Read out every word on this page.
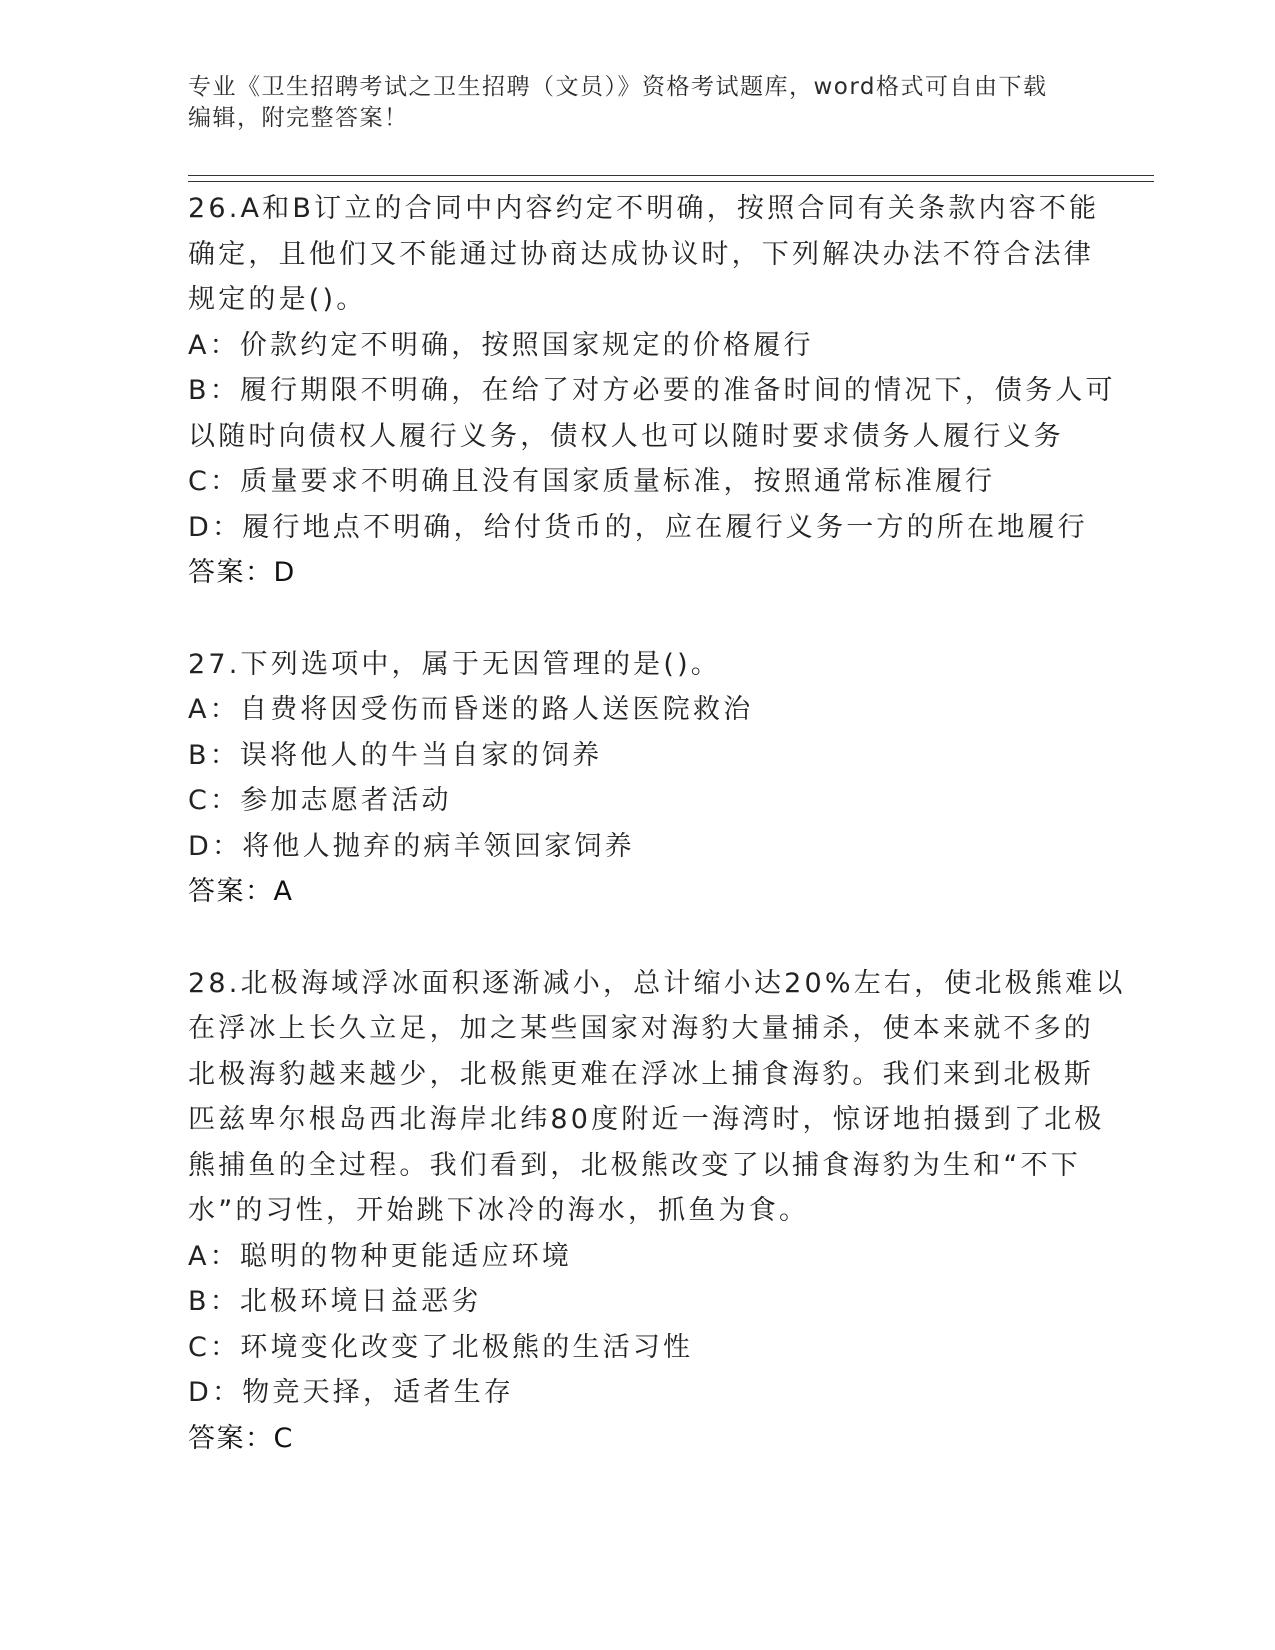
专业《卫生招聘考试之卫生招聘（文员）》资格考试题库，word格式可自由下载
编辑，附完整答案！
26.A和B订立的合同中内容约定不明确，按照合同有关条款内容不能
确定，且他们又不能通过协商达成协议时，下列解决办法不符合法律
规定的是()。
A：价款约定不明确，按照国家规定的价格履行
B：履行期限不明确，在给了对方必要的准备时间的情况下，债务人可
以随时向债权人履行义务，债权人也可以随时要求债务人履行义务
C：质量要求不明确且没有国家质量标准，按照通常标准履行
D：履行地点不明确，给付货币的，应在履行义务一方的所在地履行
答案：D
27.下列选项中，属于无因管理的是()。
A：自费将因受伤而昏迷的路人送医院救治
B：误将他人的牛当自家的饲养
C：参加志愿者活动
D：将他人抛弃的病羊领回家饲养
答案：A
28.北极海域浮冰面积逐渐减小，总计缩小达20%左右，使北极熊难以
在浮冰上长久立足，加之某些国家对海豹大量捕杀，使本来就不多的
北极海豹越来越少，北极熊更难在浮冰上捕食海豹。我们来到北极斯
匹兹卑尔根岛西北海岸北纬80度附近一海湾时，惊讶地拍摄到了北极
熊捕鱼的全过程。我们看到，北极熊改变了以捕食海豹为生和“不下
水”的习性，开始跳下冰冷的海水，抓鱼为食。
A：聪明的物种更能适应环境
B：北极环境日益恶劣
C：环境变化改变了北极熊的生活习性
D：物竞天择，适者生存
答案：C
